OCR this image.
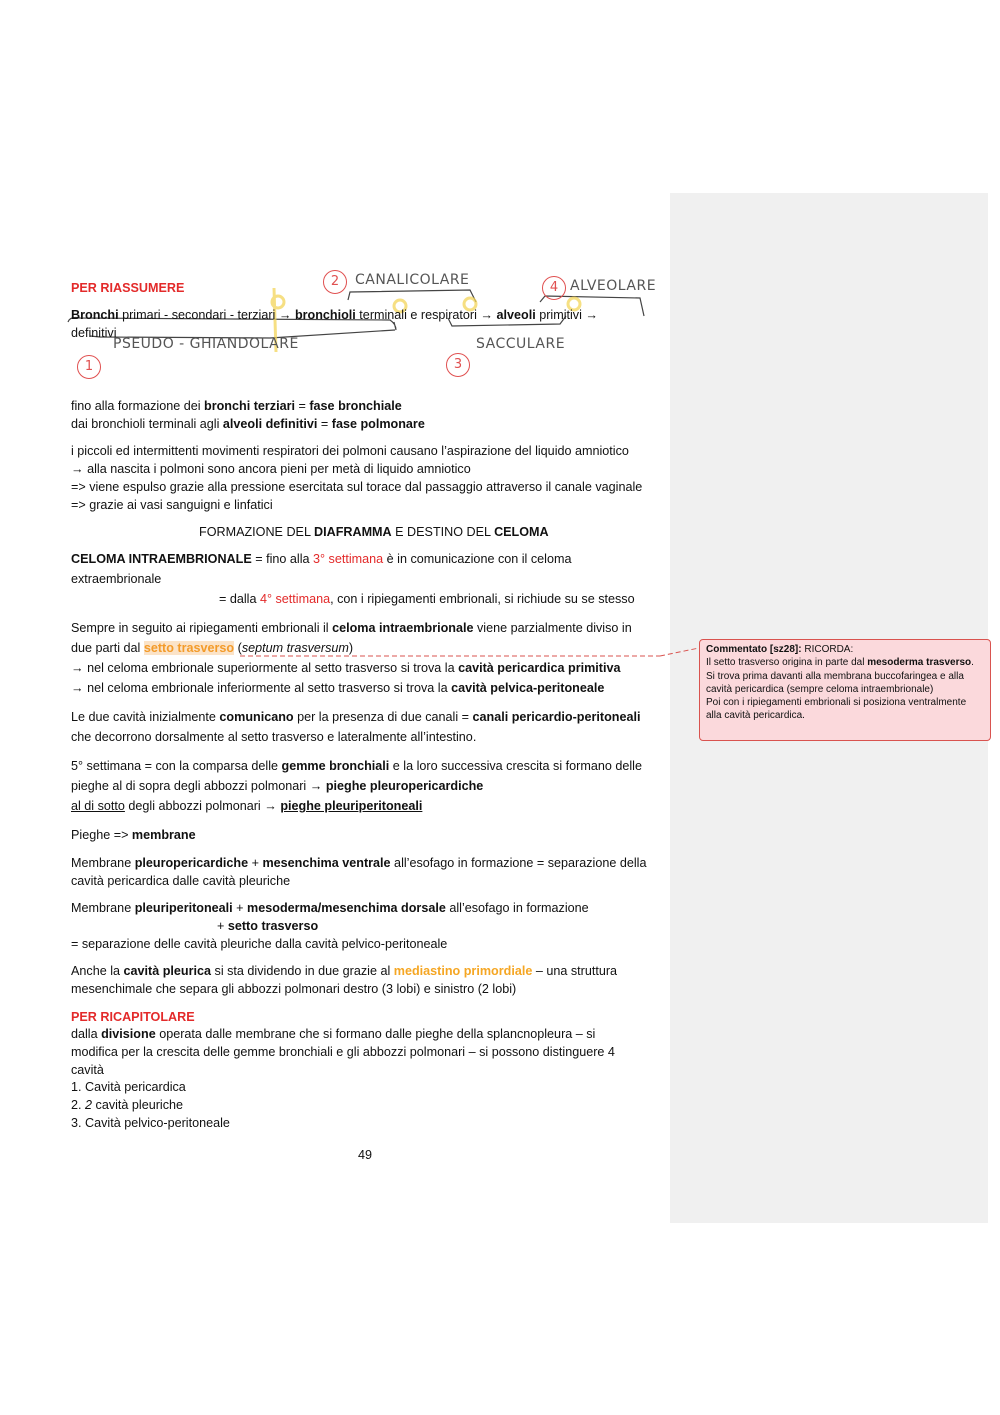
PER RIASSUMERE
Bronchi primari - secondari - terziari → bronchioli terminali e respiratori → alveoli primitivi →
definitivi
fino alla formazione dei bronchi terziari = fase bronchiale
dai bronchioli terminali agli alveoli definitivi = fase polmonare
i piccoli ed intermittenti movimenti respiratori dei polmoni causano l’aspirazione del liquido amniotico
→ alla nascita i polmoni sono ancora pieni per metà di liquido amniotico
=> viene espulso grazie alla pressione esercitata sul torace dal passaggio attraverso il canale vaginale
=> grazie ai vasi sanguigni e linfatici
FORMAZIONE DEL DIAFRAMMA E DESTINO DEL CELOMA
CELOMA INTRAEMBRIONALE = fino alla 3° settimana è in comunicazione con il celoma
extraembrionale
= dalla 4° settimana, con i ripiegamenti embrionali, si richiude su se stesso
Sempre in seguito ai ripiegamenti embrionali il celoma intraembrionale viene parzialmente diviso in
due parti dal setto trasverso (septum trasversum)
→ nel celoma embrionale superiormente al setto trasverso si trova la cavità pericardica primitiva
→ nel celoma embrionale inferiormente al setto trasverso si trova la cavità pelvica-peritoneale
Le due cavità inizialmente comunicano per la presenza di due canali = canali pericardio-peritoneali
che decorrono dorsalmente al setto trasverso e lateralmente all’intestino.
5° settimana = con la comparsa delle gemme bronchiali e la loro successiva crescita si formano delle
pieghe al di sopra degli abbozzi polmonari → pieghe pleuropericardiche
al di sotto degli abbozzi polmonari → pieghe pleuriperitoneali
Pieghe => membrane
Membrane pleuropericardiche + mesenchima ventrale all’esofago in formazione = separazione della
cavità pericardica dalle cavità pleuriche
Membrane pleuriperitoneali + mesoderma/mesenchima dorsale all’esofago in formazione
+ setto trasverso
= separazione delle cavità pleuriche dalla cavità pelvico-peritoneale
Anche la cavità pleurica si sta dividendo in due grazie al mediastino primordiale – una struttura
mesenchimale che separa gli abbozzi polmonari destro (3 lobi) e sinistro (2 lobi)
PER RICAPITOLARE
dalla divisione operata dalle membrane che si formano dalle pieghe della splancnopleura – si
modifica per la crescita delle gemme bronchiali e gli abbozzi polmonari – si possono distinguere 4
cavità
1. Cavità pericardica
2. 2 cavità pleuriche
3. Cavità pelvico-peritoneale
CANALICOLARE	ALVEOLARE
PSEUDO - GHIANDOLARE	SACCULARE
2	4
1	3
49
Commentato [sz28]: RICORDA:
Il setto trasverso origina in parte dal mesoderma trasverso.
Si trova prima davanti alla membrana buccofaringea e alla cavità pericardica (sempre celoma intraembrionale)
Poi con i ripiegamenti embrionali si posiziona ventralmente alla cavità pericardica.
